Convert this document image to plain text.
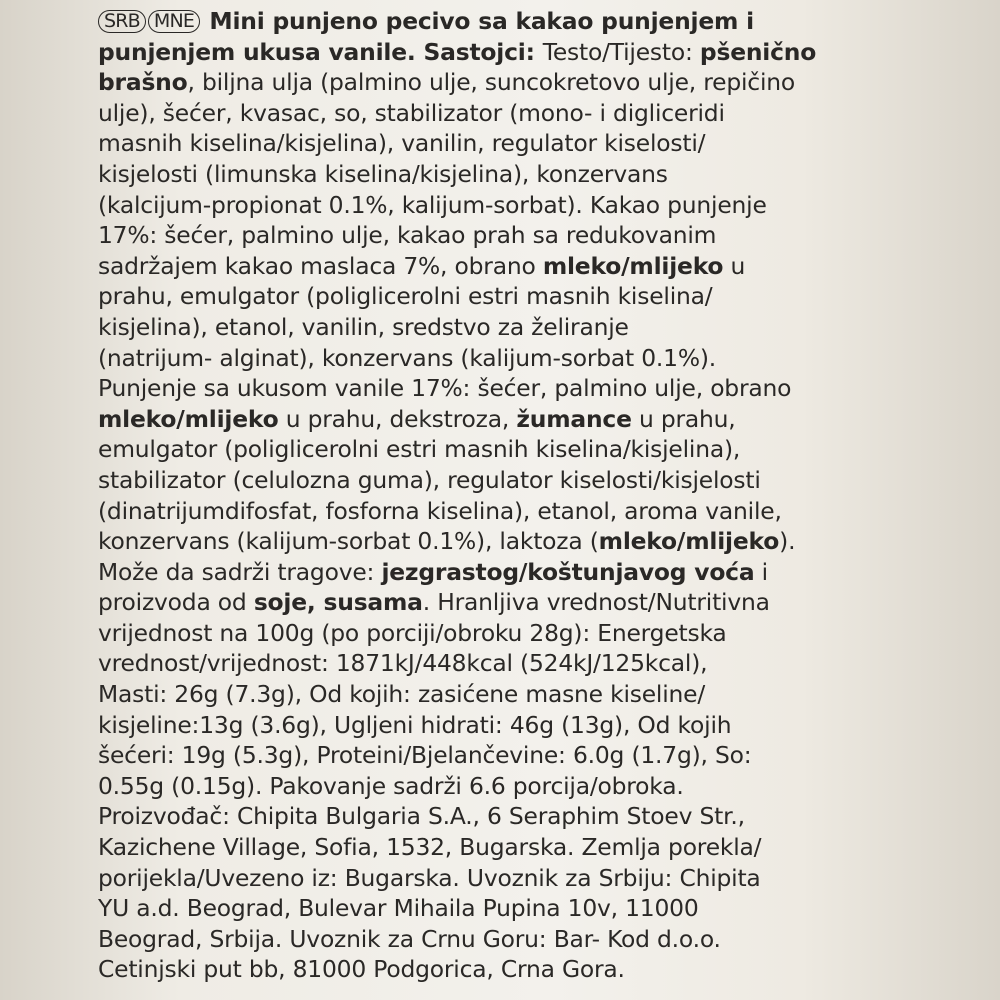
SRB MNE Mini punjeno pecivo sa kakao punjenjem i
punjenjem ukusa vanile. Sastojci: Testo/Tijesto: pšenično
brašno, biljna ulja (palmino ulje, suncokretovo ulje, repičino
ulje), šećer, kvasac, so, stabilizator (mono- i digliceridi
masnih kiselina/kisjelina), vanilin, regulator kiselosti/
kisjelosti (limunska kiselina/kisjelina), konzervans
(kalcijum-propionat 0.1%, kalijum-sorbat). Kakao punjenje
17%: šećer, palmino ulje, kakao prah sa redukovanim
sadržajem kakao maslaca 7%, obrano mleko/mlijeko u
prahu, emulgator (poliglicerolni estri masnih kiselina/
kisjelina), etanol, vanilin, sredstvo za želiranje
(natrijum- alginat), konzervans (kalijum-sorbat 0.1%).
Punjenje sa ukusom vanile 17%: šećer, palmino ulje, obrano
mleko/mlijeko u prahu, dekstroza, žumance u prahu,
emulgator (poliglicerolni estri masnih kiselina/kisjelina),
stabilizator (celulozna guma), regulator kiselosti/kisjelosti
(dinatrijumdifosfat, fosforna kiselina), etanol, aroma vanile,
konzervans (kalijum-sorbat 0.1%), laktoza (mleko/mlijeko).
Može da sadrži tragove: jezgrastog/koštunjavog voća i
proizvoda od soje, susama. Hranljiva vrednost/Nutritivna
vrijednost na 100g (po porciji/obroku 28g): Energetska
vrednost/vrijednost: 1871kJ/448kcal (524kJ/125kcal),
Masti: 26g (7.3g), Od kojih: zasićene masne kiseline/
kisjeline:13g (3.6g), Ugljeni hidrati: 46g (13g), Od kojih
šećeri: 19g (5.3g), Proteini/Bjelančevine: 6.0g (1.7g), So:
0.55g (0.15g). Pakovanje sadrži 6.6 porcija/obroka.
Proizvođač: Chipita Bulgaria S.A., 6 Seraphim Stoev Str.,
Kazichene Village, Sofia, 1532, Bugarska. Zemlja porekla/
porijekla/Uvezeno iz: Bugarska. Uvoznik za Srbiju: Chipita
YU a.d. Beograd, Bulevar Mihaila Pupina 10v, 11000
Beograd, Srbija. Uvoznik za Crnu Goru: Bar- Kod d.o.o.
Cetinjski put bb, 81000 Podgorica, Crna Gora.
